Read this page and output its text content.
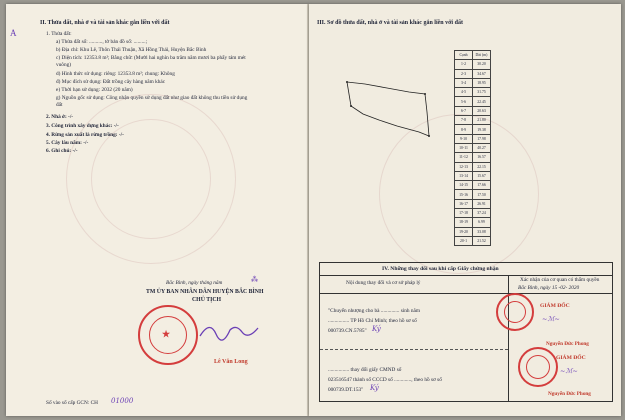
A
II. Thửa đất, nhà ở và tài sản khác gắn liền với đất
1. Thửa đất:
a) Thửa đất số: .........., tờ bản đồ số: .........;
b) Địa chỉ: Khu Lê, Thôn Thái Thuận, Xã Hồng Thái, Huyện Bắc Bình
c) Diện tích: 12353.8 m²; Bằng chữ: (Mười hai nghìn ba trăm năm mươi ba phẩy tám mét
vuông)
d) Hình thức sử dụng: riêng: 12353.8 m²; chung: Không
đ) Mục đích sử dụng: Đất trồng cây hàng năm khác
e) Thời hạn sử dụng: 2032 (20 năm)
g) Nguồn gốc sử dụng: Công nhận quyền sử dụng đất như giao đất không thu tiền sử dụng
đất
2. Nhà ở: -/-
3. Công trình xây dựng khác: -/-
4. Rừng sản xuất là rừng trồng: -/-
5. Cây lâu năm: -/-
6. Ghi chú: -/-
Bắc Bình, ngày tháng năm	⁂
TM ỦY BAN NHÂN DÂN HUYỆN BẮC BÌNH
CHỦ TỊCH
★
Lê Văn Long
Số vào sổ cấp GCN: CH 01000
III. Sơ đồ thửa đất, nhà ở và tài sản khác gắn liền với đất
Cạnh	Dài (m)
1-2	30.20
2-3	34.67
3-4	18.95
4-5	31.75
5-6	22.45
6-7	20.63
7-8	21.80
8-9	19.38
9-10	17.98
10-11	40.27
11-12	16.57
12-13	22.15
13-14	15.67
14-15	17.66
15-16	17.50
16-17	26.91
17-18	37.24
18-19	6.99
19-20	33.08
20-1	21.52
IV. Những thay đổi sau khi cấp Giấy chứng nhận
Nội dung thay đổi và cơ sở pháp lý	Xác nhận của cơ quan có thẩm quyền
Bắc Bình, ngày 15 -02- 2020
"Chuyển nhượng cho bà .............. sinh năm
................ TP Hồ Chí Minh; theo hồ sơ số
000739.CN.5785" Ký
................ thay đổi giấy CMND số
023516547 thành số CCCD số ............., theo hồ sơ số
000739.DT.153" Ký
GIÁM ĐỐC
~ℳ~
Nguyễn Đức Phong
GIÁM ĐỐC
~ℳ~
Nguyễn Đức Phong
